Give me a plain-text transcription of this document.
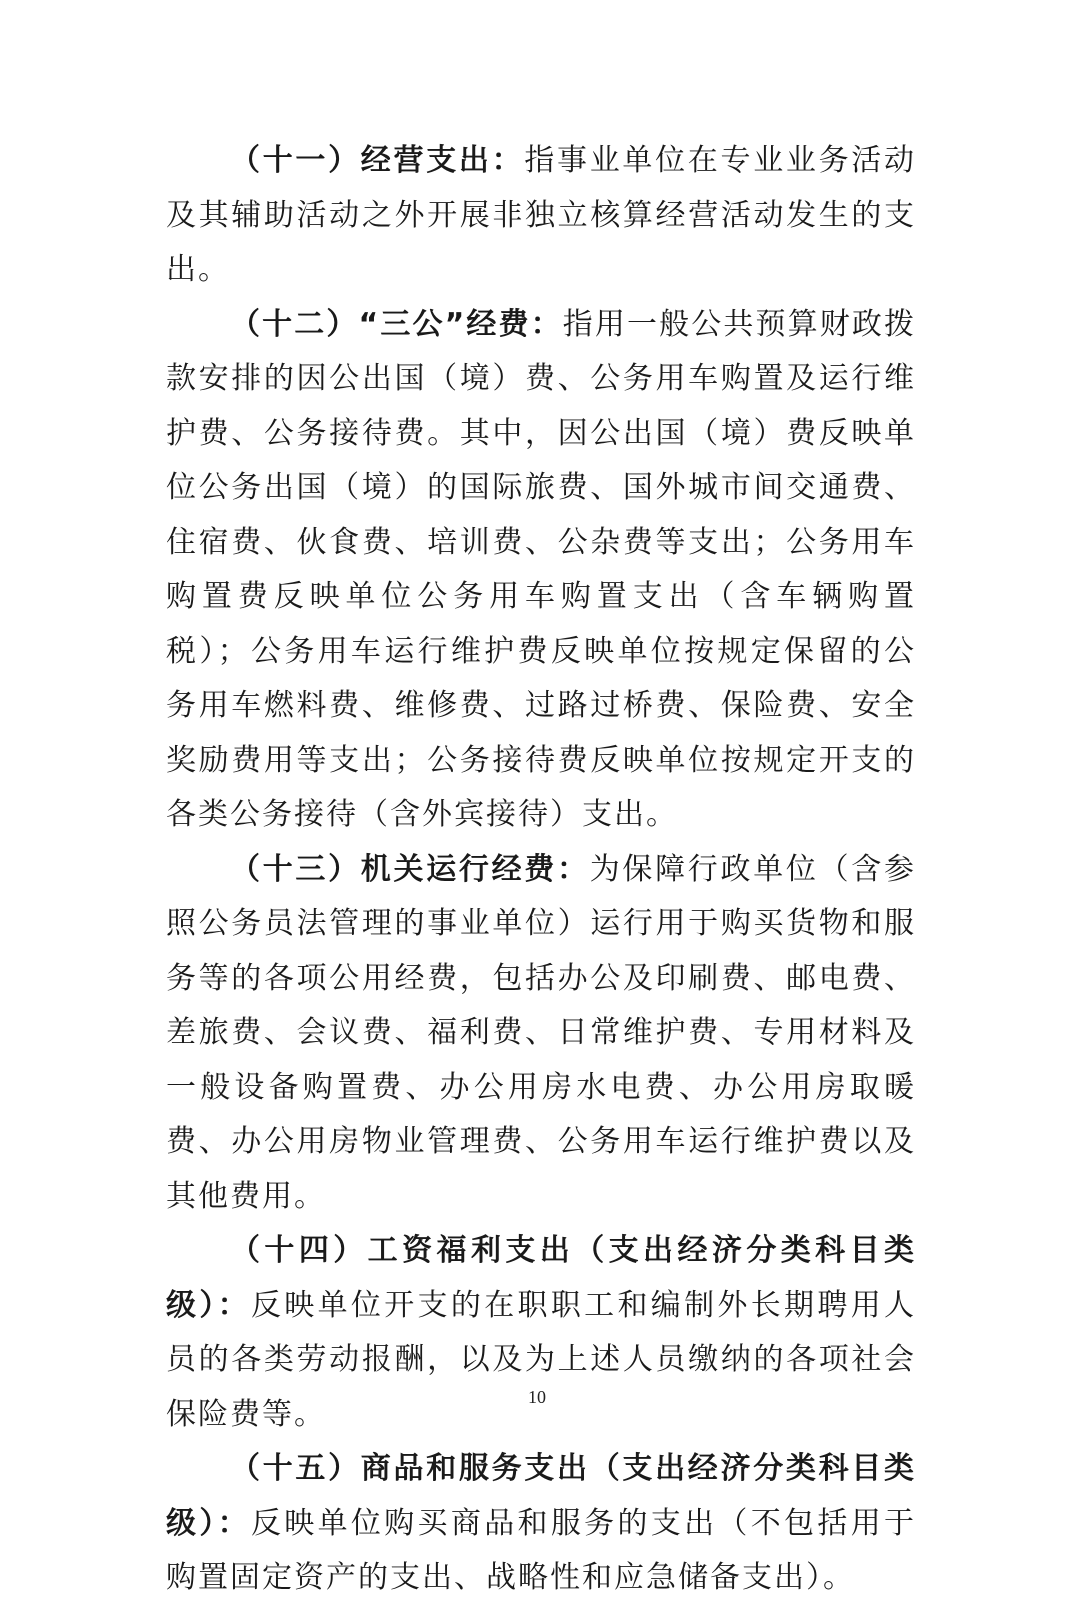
（十一）经营支出：指事业单位在专业业务活动及其辅助活动之外开展非独立核算经营活动发生的支出。

（十二）“三公”经费：指用一般公共预算财政拨款安排的因公出国（境）费、公务用车购置及运行维护费、公务接待费。其中，因公出国（境）费反映单位公务出国（境）的国际旅费、国外城市间交通费、住宿费、伙食费、培训费、公杂费等支出；公务用车购置费反映单位公务用车购置支出（含车辆购置税）；公务用车运行维护费反映单位按规定保留的公务用车燃料费、维修费、过路过桥费、保险费、安全奖励费用等支出；公务接待费反映单位按规定开支的各类公务接待（含外宾接待）支出。

（十三）机关运行经费：为保障行政单位（含参照公务员法管理的事业单位）运行用于购买货物和服务等的各项公用经费，包括办公及印刷费、邮电费、差旅费、会议费、福利费、日常维护费、专用材料及一般设备购置费、办公用房水电费、办公用房取暖费、办公用房物业管理费、公务用车运行维护费以及其他费用。

（十四）工资福利支出（支出经济分类科目类级）：反映单位开支的在职职工和编制外长期聘用人员的各类劳动报酬，以及为上述人员缴纳的各项社会保险费等。

（十五）商品和服务支出（支出经济分类科目类级）：反映单位购买商品和服务的支出（不包括用于购置固定资产的支出、战略性和应急储备支出）。

10
